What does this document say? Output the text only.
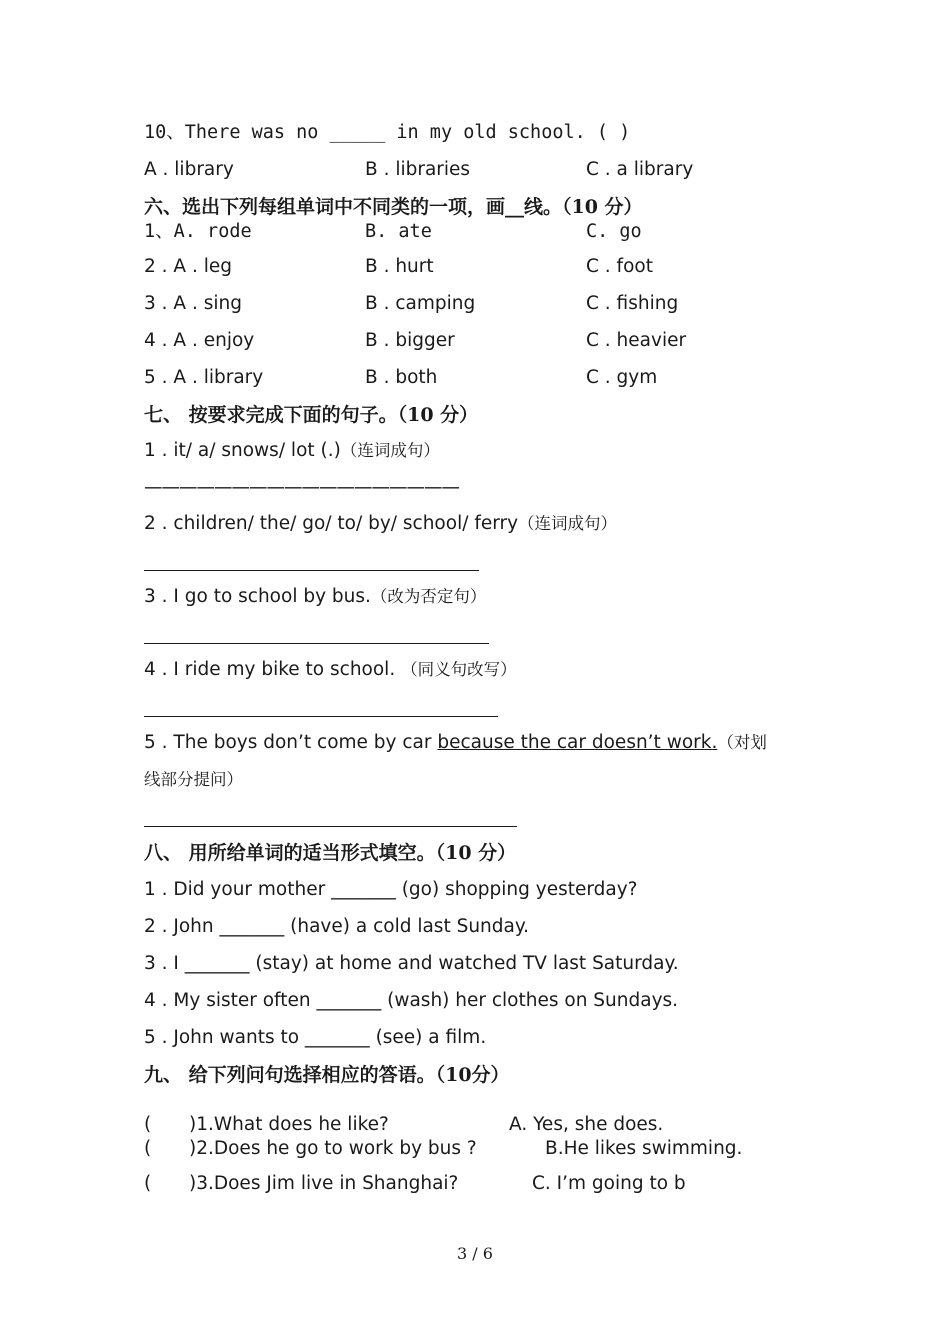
10、There was no _____ in my old school. ( )
A . library	B . libraries	C . a library
六、选出下列每组单词中不同类的一项，画__线。（10 分）
1、A. rode	B. ate	C. go
2 . A . leg	B . hurt	C . foot
3 . A . sing	B . camping	C . fishing
4 . A . enjoy	B . bigger	C . heavier
5 . A . library	B . both	C . gym
七、 按要求完成下面的句子。（10 分）
1 . it/ a/ snows/ lot (.)（连词成句）
——————————————————
2 . children/ the/ go/ to/ by/ school/ ferry（连词成句）
3 . I go to school by bus.（改为否定句）
4 . I ride my bike to school. （同义句改写）
5 . The boys don’t come by car because the car doesn’t work.（对划
线部分提问）
八、 用所给单词的适当形式填空。（10 分）
1 . Did your mother _______ (go) shopping yesterday?
2 . John _______ (have) a cold last Sunday.
3 . I _______ (stay) at home and watched TV last Saturday.
4 . My sister often _______ (wash) her clothes on Sundays.
5 . John wants to _______ (see) a film.
九、 给下列问句选择相应的答语。（10分）
( )1.What does he like?	A. Yes, she does.
( )2.Does he go to work by bus ?	B.He likes swimming.
( )3.Does Jim live in Shanghai?	C. I’m going to b
3 / 6
